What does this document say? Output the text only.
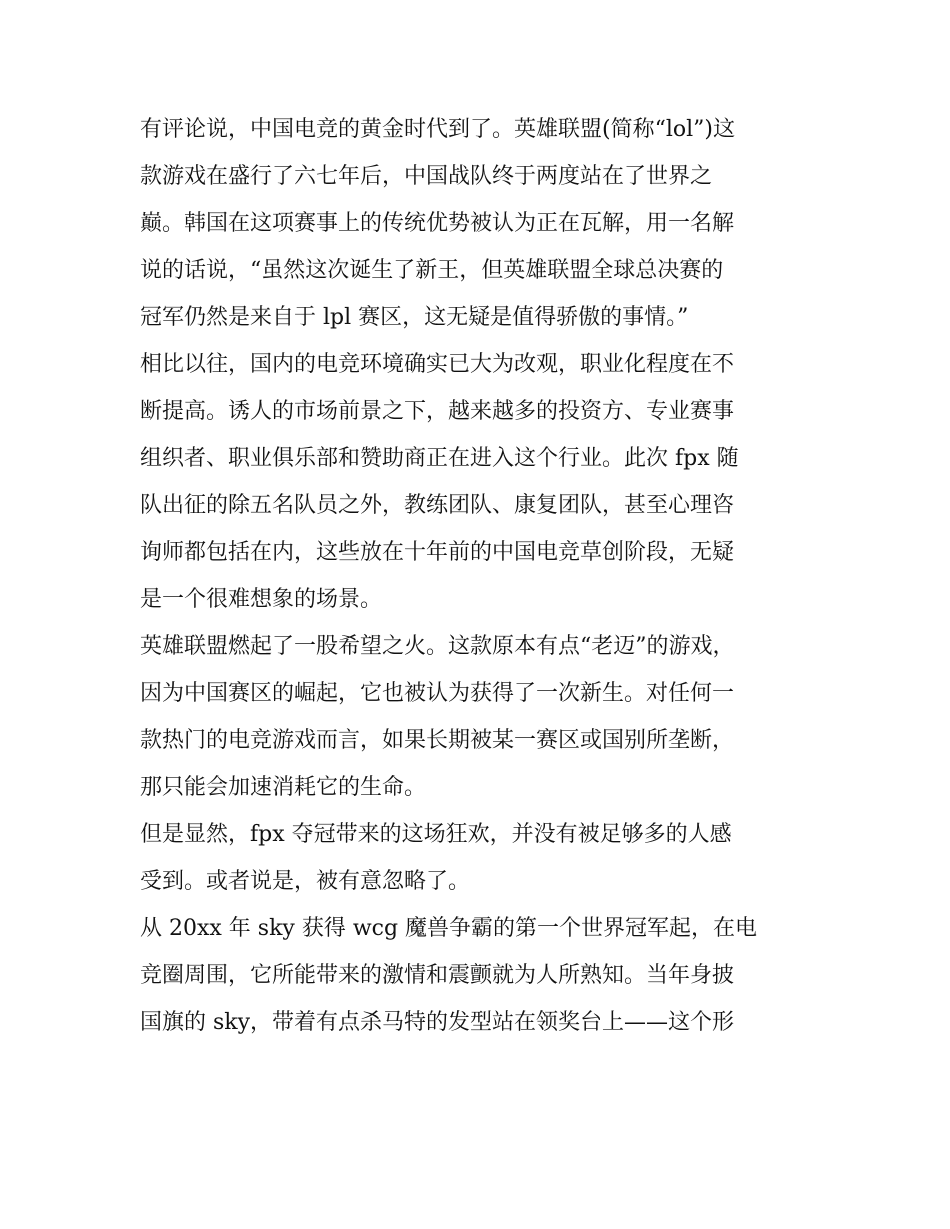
有评论说，中国电竞的黄金时代到了。英雄联盟(简称“lol”)这
款游戏在盛行了六七年后，中国战队终于两度站在了世界之
巅。韩国在这项赛事上的传统优势被认为正在瓦解，用一名解
说的话说，“虽然这次诞生了新王，但英雄联盟全球总决赛的
冠军仍然是来自于 lpl 赛区，这无疑是值得骄傲的事情。”
相比以往，国内的电竞环境确实已大为改观，职业化程度在不
断提高。诱人的市场前景之下，越来越多的投资方、专业赛事
组织者、职业俱乐部和赞助商正在进入这个行业。此次 fpx 随
队出征的除五名队员之外，教练团队、康复团队，甚至心理咨
询师都包括在内，这些放在十年前的中国电竞草创阶段，无疑
是一个很难想象的场景。
英雄联盟燃起了一股希望之火。这款原本有点“老迈”的游戏，
因为中国赛区的崛起，它也被认为获得了一次新生。对任何一
款热门的电竞游戏而言，如果长期被某一赛区或国别所垄断，
那只能会加速消耗它的生命。
但是显然，fpx 夺冠带来的这场狂欢，并没有被足够多的人感
受到。或者说是，被有意忽略了。
从 20xx 年 sky 获得 wcg 魔兽争霸的第一个世界冠军起，在电
竞圈周围，它所能带来的激情和震颤就为人所熟知。当年身披
国旗的 sky，带着有点杀马特的发型站在领奖台上——这个形
